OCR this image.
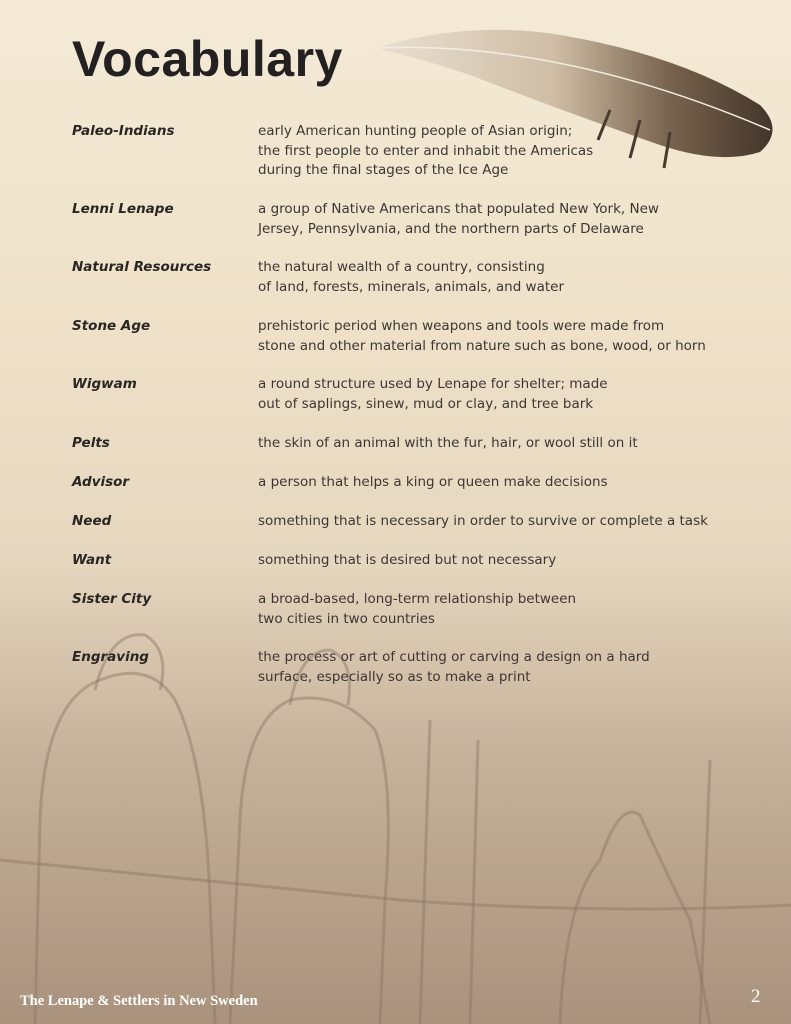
Vocabulary
Paleo-Indians	early American hunting people of Asian origin;
the first people to enter and inhabit the Americas
during the final stages of the Ice Age
Lenni Lenape	a group of Native Americans that populated New York, New
Jersey, Pennsylvania, and the northern parts of Delaware
Natural Resources	the natural wealth of a country, consisting
of land, forests, minerals, animals, and water
Stone Age	prehistoric period when weapons and tools were made from
stone and other material from nature such as bone, wood, or horn
Wigwam	a round structure used by Lenape for shelter; made
out of saplings, sinew, mud or clay, and tree bark
Pelts	the skin of an animal with the fur, hair, or wool still on it
Advisor	a person that helps a king or queen make decisions
Need	something that is necessary in order to survive or complete a task
Want	something that is desired but not necessary
Sister City	a broad-based, long-term relationship between
two cities in two countries
Engraving	the process or art of cutting or carving a design on a hard
surface, especially so as to make a print
The Lenape & Settlers in New Sweden	2
